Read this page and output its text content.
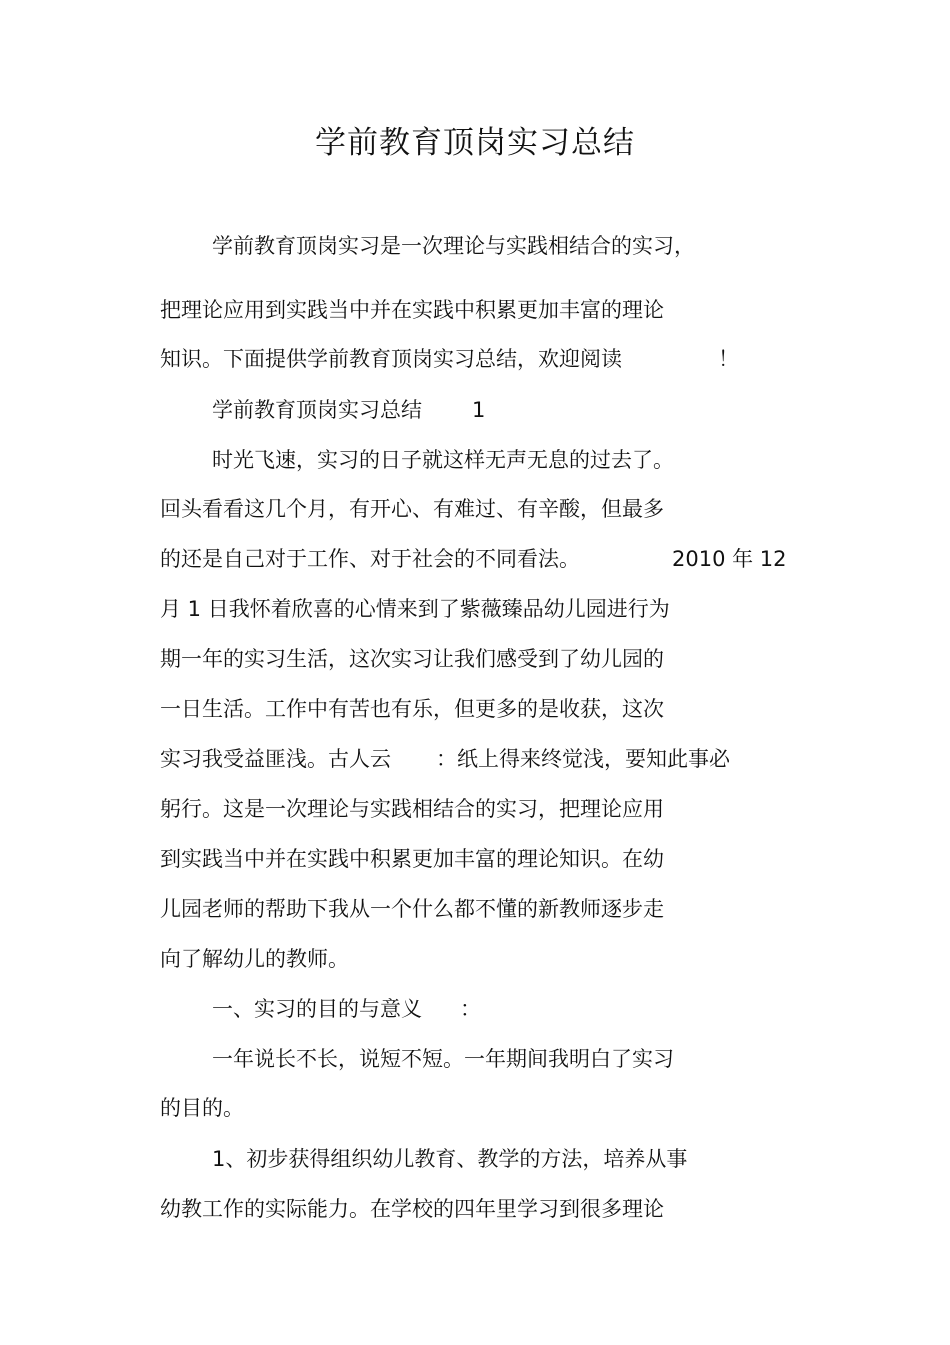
学前教育顶岗实习总结
学前教育顶岗实习是一次理论与实践相结合的实习，
把理论应用到实践当中并在实践中积累更加丰富的理论
知识。下面提供学前教育顶岗实习总结，欢迎阅读	！
学前教育顶岗实习总结 1
时光飞速，实习的日子就这样无声无息的过去了。
回头看看这几个月，有开心、有难过、有辛酸，但最多
的还是自己对于工作、对于社会的不同看法。	2010 年 12
月 1 日我怀着欣喜的心情来到了紫薇臻品幼儿园进行为
期一年的实习生活，这次实习让我们感受到了幼儿园的
一日生活。工作中有苦也有乐，但更多的是收获，这次
实习我受益匪浅。古人云 ：纸上得来终觉浅，要知此事必
躬行。这是一次理论与实践相结合的实习，把理论应用
到实践当中并在实践中积累更加丰富的理论知识。在幼
儿园老师的帮助下我从一个什么都不懂的新教师逐步走
向了解幼儿的教师。
一、实习的目的与意义 ：
一年说长不长，说短不短。一年期间我明白了实习
的目的。
1、初步获得组织幼儿教育、教学的方法，培养从事
幼教工作的实际能力。在学校的四年里学习到很多理论
